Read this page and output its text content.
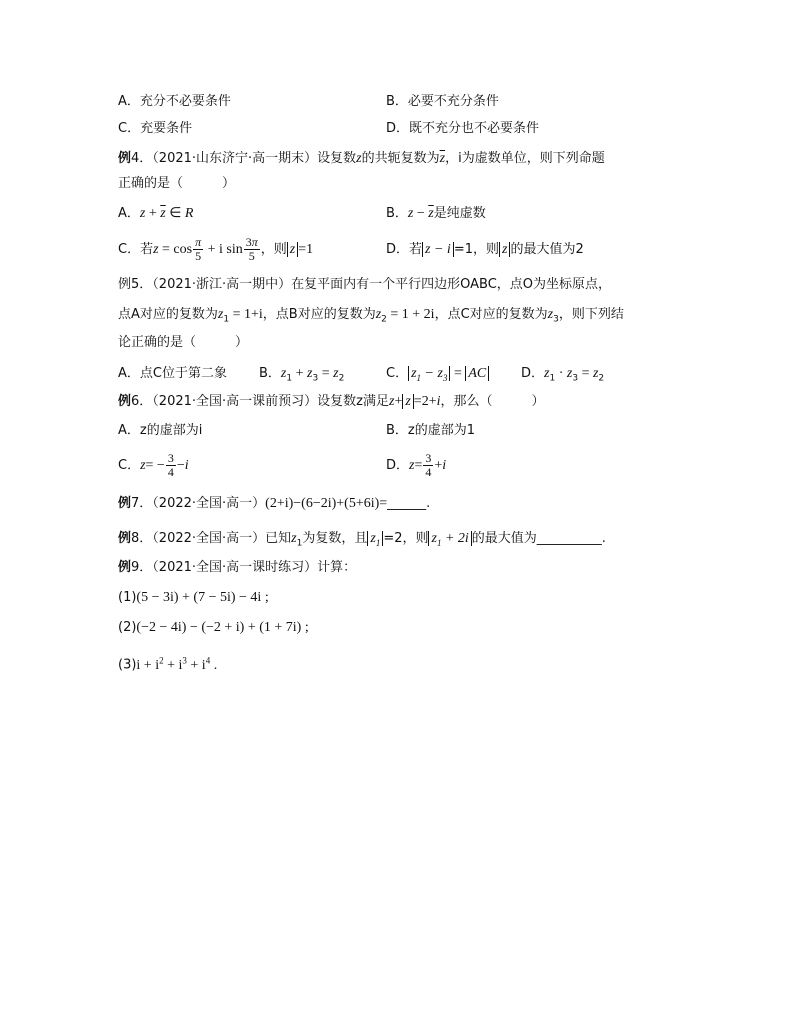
A．充分不必要条件	B．必要不充分条件
C．充要条件	D．既不充分也不必要条件
例4．（2021·山东济宁·高一期末）设复数z的共轭复数为$\overline{z}$，i为虚数单位，则下列命题
正确的是（　　　）
A．$z + \overline{z}$ ∈ R	B．$z - \overline{z}$是纯虚数
C．若$z = \cos \frac{\pi}{5} + i$ $\sin \frac{3\pi}{5}$ ，则 z =1	D．若 z − i =1，则 z 的最大值为2
例5．（2021·浙江·高一期中）在复平面内有一个平行四边形OABC，点O为坐标原点，
点A对应的复数为$z_1 = 1+i$，点B对应的复数为$z_2 = 1 + 2i$，点C对应的复数为$z_3$，则下列结
论正确的是（　　　）
A．点C位于第二象 B．$z_1 + z_3 = z_2$	C． $z_1 - z_3$ = AC	D．$z_1 \cdot z_3 = z_2$
例6．（2021·全国·高一课前预习）设复数z满足z+ z =2+i，那么（　　　）
A．z的虚部为i	B．z的虚部为1
C．$z= - \frac{3}{4} -i$	D．$z= \frac{3}{4} +i$
例7．（2022·全国·高一）(2+i)−(6−2i)+(5+6i)=______.
例8．（2022·全国·高一）已知$z_1$为复数，且 $z_1 =2$，则 $z_1 + 2i$ 的最大值为__________.
例9．（2021·全国·高一课时练习）计算：
(1)(5 − 3i) + (7 − 5i) − 4i ;
(2)(−2 − 4i) − (−2 + i) + (1 + 7i) ;
$(3)i + i^2 + i^3 + i^4$ .
